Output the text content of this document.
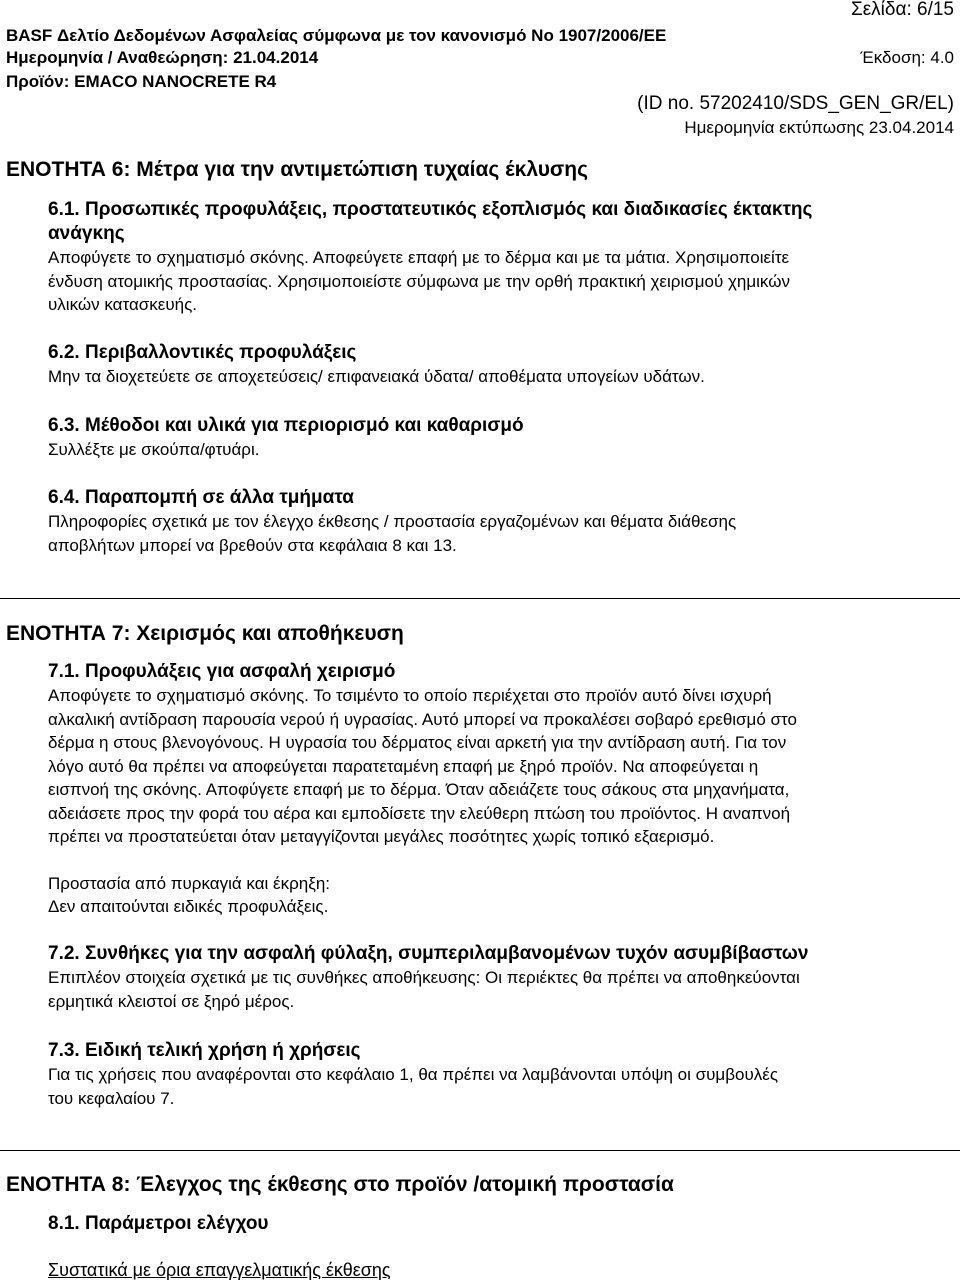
Σελίδα: 6/15
BASF Δελτίο Δεδομένων Ασφαλείας σύμφωνα με τον κανονισμό Νο 1907/2006/ΕΕ
Ημερομηνία / Αναθεώρηση: 21.04.2014	Έκδοση: 4.0
Προϊόν: EMACO NANOCRETE R4
(ID no. 57202410/SDS_GEN_GR/EL)
Ημερομηνία εκτύπωσης 23.04.2014
ΕΝΟΤΗΤΑ 6: Μέτρα για την αντιμετώπιση τυχαίας έκλυσης
6.1. Προσωπικές προφυλάξεις, προστατευτικός εξοπλισμός και διαδικασίες έκτακτης
ανάγκης

Αποφύγετε το σχηματισμό σκόνης. Αποφεύγετε επαφή με το δέρμα και με τα μάτια. Χρησιμοποιείτε

ένδυση ατομικής προστασίας. Χρησιμοποιείστε σύμφωνα με την ορθή πρακτική χειρισμού χημικών

υλικών κατασκευής.

6.2. Περιβαλλοντικές προφυλάξεις

Μην τα διοχετεύετε σε αποχετεύσεις/ επιφανειακά ύδατα/ αποθέματα υπογείων υδάτων.

6.3. Μέθοδοι και υλικά για περιορισμό και καθαρισμό

Συλλέξτε με σκούπα/φτυάρι.

6.4. Παραπομπή σε άλλα τμήματα

Πληροφορίες σχετικά με τον έλεγχο έκθεσης / προστασία εργαζομένων και θέματα διάθεσης

αποβλήτων μπορεί να βρεθούν στα κεφάλαια 8 και 13.

ΕΝΟΤΗΤΑ 7: Χειρισμός και αποθήκευση
7.1. Προφυλάξεις για ασφαλή χειρισμό

Αποφύγετε το σχηματισμό σκόνης. Το τσιμέντο το οποίο περιέχεται στο προϊόν αυτό δίνει ισχυρή

αλκαλική αντίδραση παρουσία νερού ή υγρασίας. Αυτό μπορεί να προκαλέσει σοβαρό ερεθισμό στο

δέρμα η στους βλενογόνους. Η υγρασία του δέρματος είναι αρκετή για την αντίδραση αυτή. Για τον

λόγο αυτό θα πρέπει να αποφεύγεται παρατεταμένη επαφή με ξηρό προϊόν. Να αποφεύγεται η

εισπνοή της σκόνης. Αποφύγετε επαφή με το δέρμα. Όταν αδειάζετε τους σάκους στα μηχανήματα,

αδειάσετε προς την φορά του αέρα και εμποδίσετε την ελεύθερη πτώση του προϊόντος. Η αναπνοή

πρέπει να προστατεύεται όταν μεταγγίζονται μεγάλες ποσότητες χωρίς τοπικό εξαερισμό.

Προστασία από πυρκαγιά και έκρηξη:

Δεν απαιτούνται ειδικές προφυλάξεις.

7.2. Συνθήκες για την ασφαλή φύλαξη, συμπεριλαμβανομένων τυχόν ασυμβίβαστων

Επιπλέον στοιχεία σχετικά με τις συνθήκες αποθήκευσης: Οι περιέκτες θα πρέπει να αποθηκεύονται

ερμητικά κλειστοί σε ξηρό μέρος.

7.3. Ειδική τελική χρήση ή χρήσεις

Για τις χρήσεις που αναφέρονται στο κεφάλαιο 1, θα πρέπει να λαμβάνονται υπόψη οι συμβουλές

του κεφαλαίου 7.

ΕΝΟΤΗΤΑ 8: Έλεγχος της έκθεσης στο προϊόν /ατομική προστασία
8.1. Παράμετροι ελέγχου
Συστατικά με όρια επαγγελματικής έκθεσης
